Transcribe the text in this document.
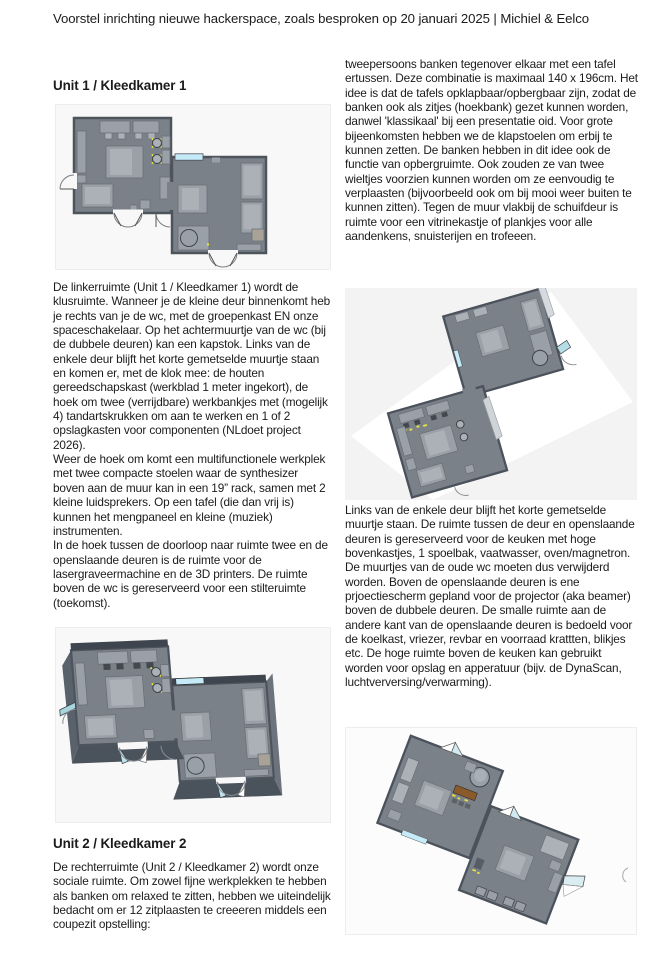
Voorstel inrichting nieuwe hackerspace, zoals besproken op 20 januari 2025 | Michiel & Eelco
Unit 1 / Kleedkamer 1

De linkerruimte (Unit 1 / Kleedkamer 1) wordt de klusruimte. Wanneer je de kleine deur binnenkomt heb je rechts van je de wc, met de groepenkast EN onze spaceschakelaar. Op het achtermuurtje van de wc (bij de dubbele deuren) kan een kapstok. Links van de enkele deur blijft het korte gemetselde muurtje staan en komen er, met de klok mee: de houten gereedschapskast (werkblad 1 meter ingekort), de hoek om twee (verrijdbare) werkbankjes met (mogelijk 4) tandartskrukken om aan te werken en 1 of 2 opslagkasten voor componenten (NLdoet project 2026).

Weer de hoek om komt een multifunctionele werkplek met twee compacte stoelen waar de synthesizer boven aan de muur kan in een 19” rack, samen met 2 kleine luidsprekers. Op een tafel (die dan vrij is) kunnen het mengpaneel en kleine (muziek) instrumenten.

In de hoek tussen de doorloop naar ruimte twee en de openslaande deuren is de ruimte voor de lasergraveermachine en de 3D printers. De ruimte boven de wc is gereserveerd voor een stilteruimte (toekomst).

Unit 2 / Kleedkamer 2

De rechterruimte (Unit 2 / Kleedkamer 2) wordt onze sociale ruimte. Om zowel fijne werkplekken te hebben als banken om relaxed te zitten, hebben we uiteindelijk bedacht om er 12 zitplaasten te creeeren middels een coupezit opstelling:

tweepersoons banken tegenover elkaar met een tafel ertussen. Deze combinatie is maximaal 140 x 196cm. Het idee is dat de tafels opklapbaar/opbergbaar zijn, zodat de banken ook als zitjes (hoekbank) gezet kunnen worden, danwel 'klassikaal' bij een presentatie oid. Voor grote bijeenkomsten hebben we de klapstoelen om erbij te kunnen zetten. De banken hebben in dit idee ook de functie van opbergruimte. Ook zouden ze van twee wieltjes voorzien kunnen worden om ze eenvoudig te verplaasten (bijvoorbeeld ook om bij mooi weer buiten te kunnen zitten). Tegen de muur vlakbij de schuifdeur is ruimte voor een vitrinekastje of plankjes voor alle aandenkens, snuisterijen en trofeeen.

Links van de enkele deur blijft het korte gemetselde muurtje staan. De ruimte tussen de deur en openslaande deuren is gereserveerd voor de keuken met hoge bovenkastjes, 1 spoelbak, vaatwasser, oven/magnetron. De muurtjes van de oude wc moeten dus verwijderd worden. Boven de openslaande deuren is ene prjoectiescherm gepland voor de projector (aka beamer) boven de dubbele deuren. De smalle ruimte aan de andere kant van de openslaande deuren is bedoeld voor de koelkast, vriezer, revbar en voorraad krattten, blikjes etc. De hoge ruimte boven de keuken kan gebruikt worden voor opslag en apperatuur (bijv. de DynaScan, luchtverversing/verwarming).
